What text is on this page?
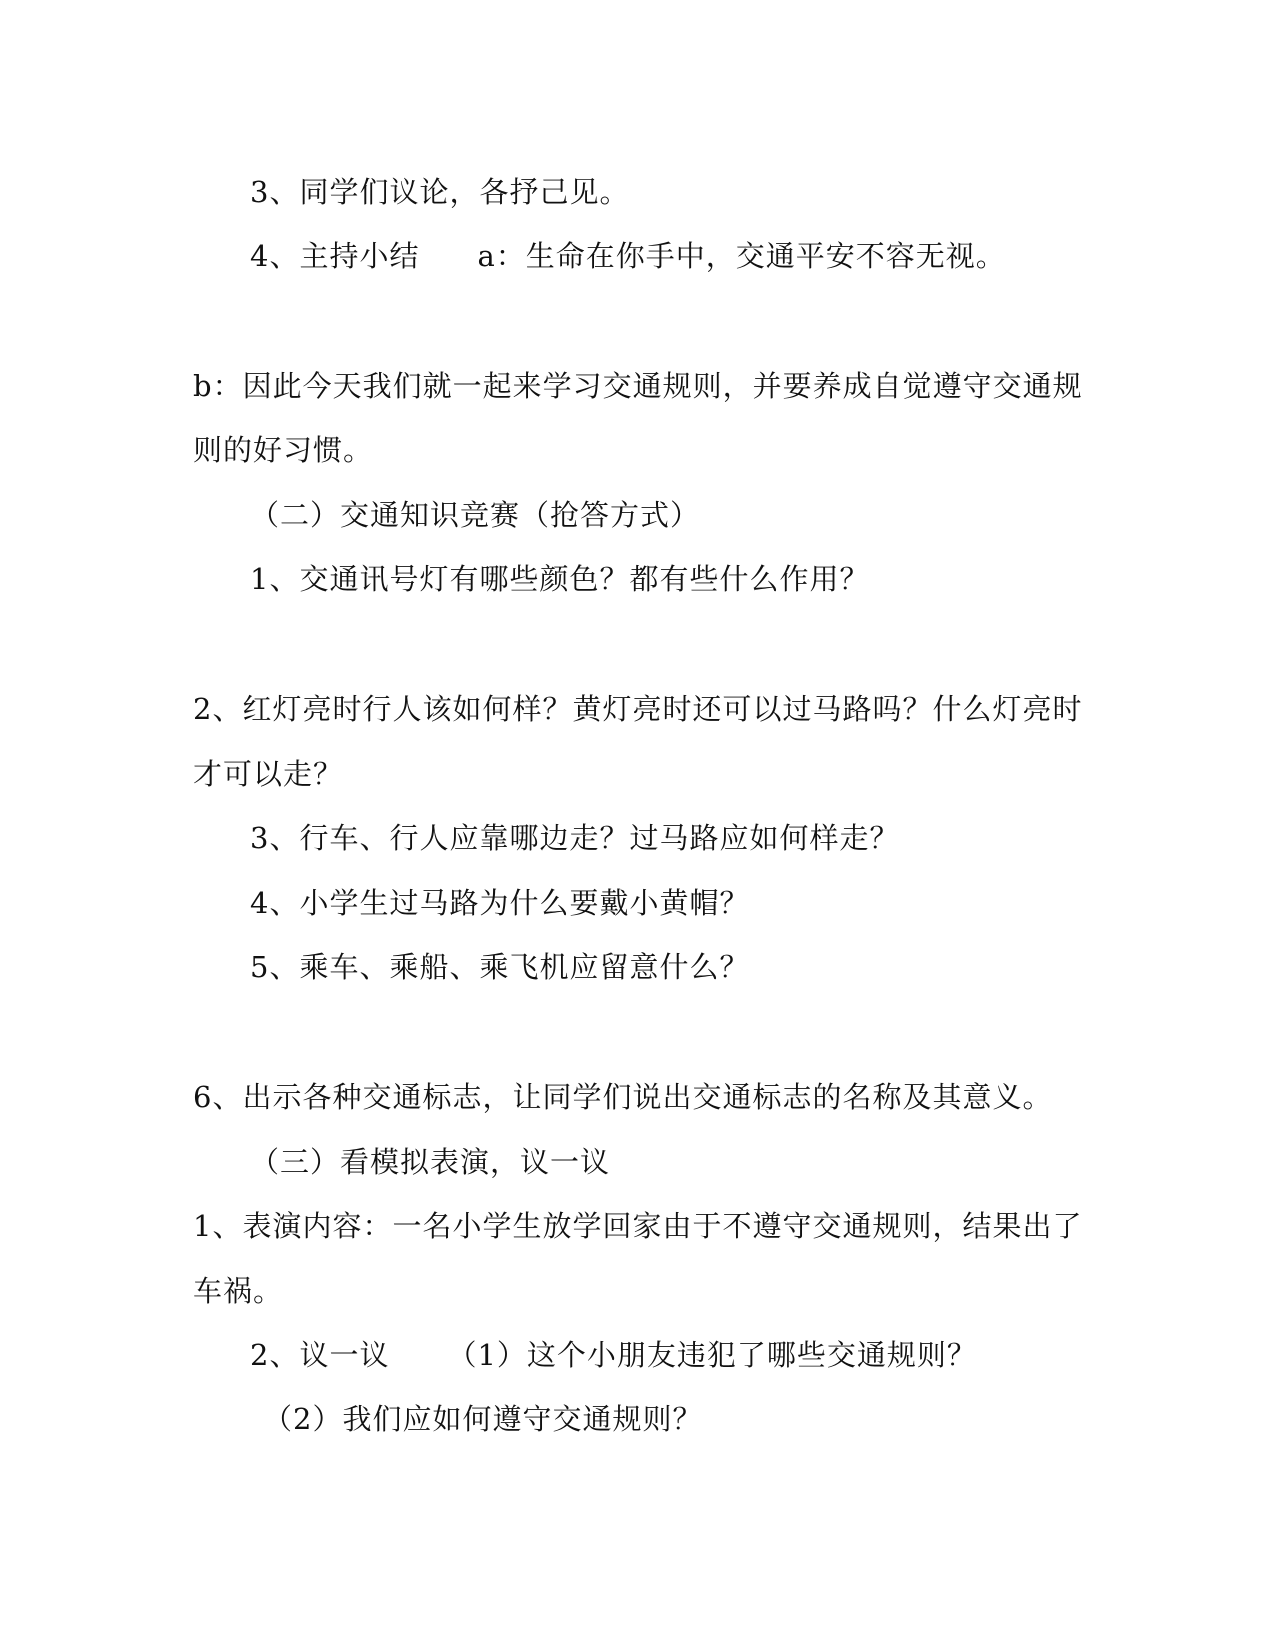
3、同学们议论，各抒己见。
4、主持小结 a：生命在你手中，交通平安不容无视。
b：因此今天我们就一起来学习交通规则，并要养成自觉遵守交通规
则的好习惯。
（二）交通知识竞赛（抢答方式）
1、交通讯号灯有哪些颜色？都有些什么作用？
2、红灯亮时行人该如何样？黄灯亮时还可以过马路吗？什么灯亮时
才可以走？
3、行车、行人应靠哪边走？过马路应如何样走？
4、小学生过马路为什么要戴小黄帽？
5、乘车、乘船、乘飞机应留意什么？
6、出示各种交通标志，让同学们说出交通标志的名称及其意义。
（三）看模拟表演，议一议
1、表演内容：一名小学生放学回家由于不遵守交通规则，结果出了
车祸。
2、议一议 （1）这个小朋友违犯了哪些交通规则？
（2）我们应如何遵守交通规则？
